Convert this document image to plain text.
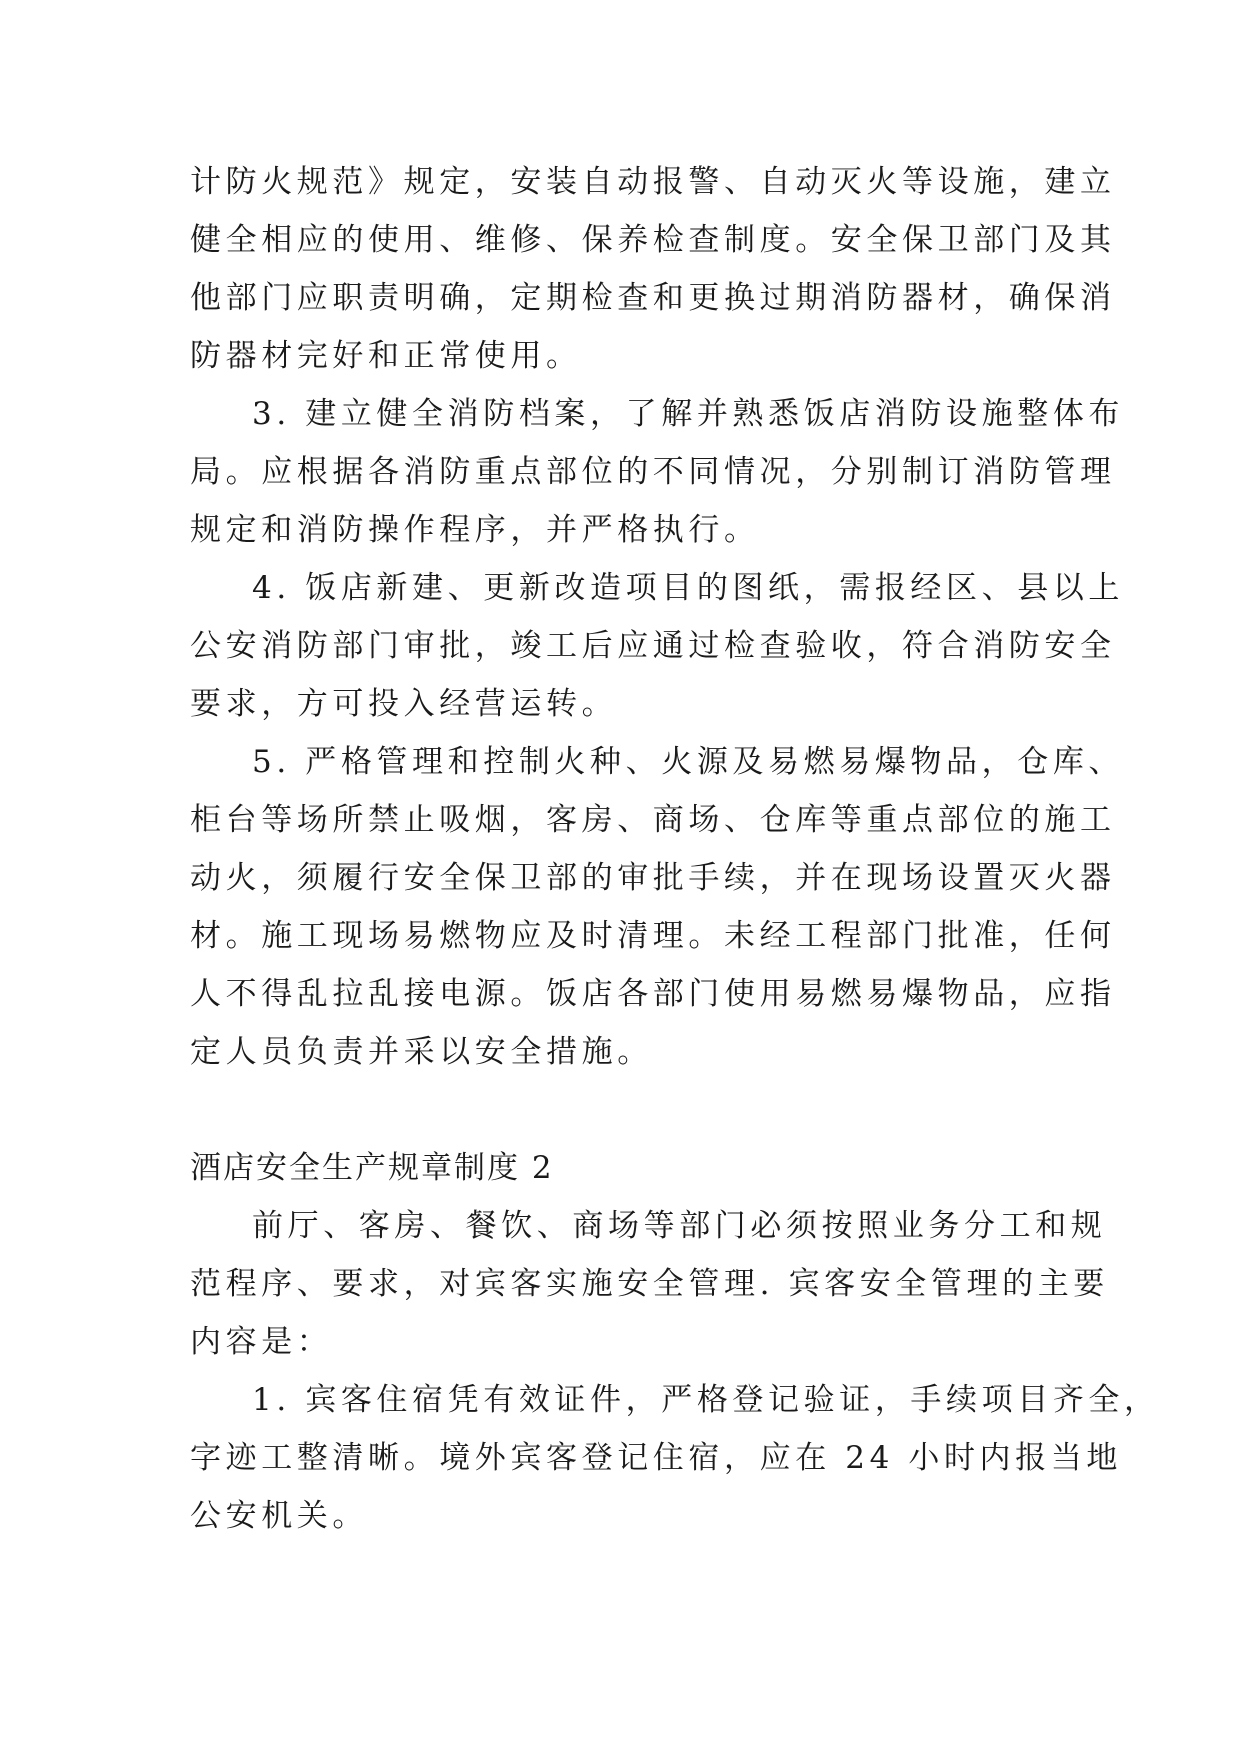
计防火规范》规定，安装自动报警、自动灭火等设施，建立
健全相应的使用、维修、保养检查制度。安全保卫部门及其
他部门应职责明确，定期检查和更换过期消防器材，确保消
防器材完好和正常使用。
3. 建立健全消防档案，了解并熟悉饭店消防设施整体布
局。应根据各消防重点部位的不同情况，分别制订消防管理
规定和消防操作程序，并严格执行。
4. 饭店新建、更新改造项目的图纸，需报经区、县以上
公安消防部门审批，竣工后应通过检查验收，符合消防安全
要求，方可投入经营运转。
5. 严格管理和控制火种、火源及易燃易爆物品，仓库、
柜台等场所禁止吸烟，客房、商场、仓库等重点部位的施工
动火，须履行安全保卫部的审批手续，并在现场设置灭火器
材。施工现场易燃物应及时清理。未经工程部门批准，任何
人不得乱拉乱接电源。饭店各部门使用易燃易爆物品，应指
定人员负责并采以安全措施。
酒店安全生产规章制度 2
前厅、客房、餐饮、商场等部门必须按照业务分工和规
范程序、要求，对宾客实施安全管理. 宾客安全管理的主要
内容是：
1. 宾客住宿凭有效证件，严格登记验证，手续项目齐全，
字迹工整清晰。境外宾客登记住宿，应在 24 小时内报当地
公安机关。
